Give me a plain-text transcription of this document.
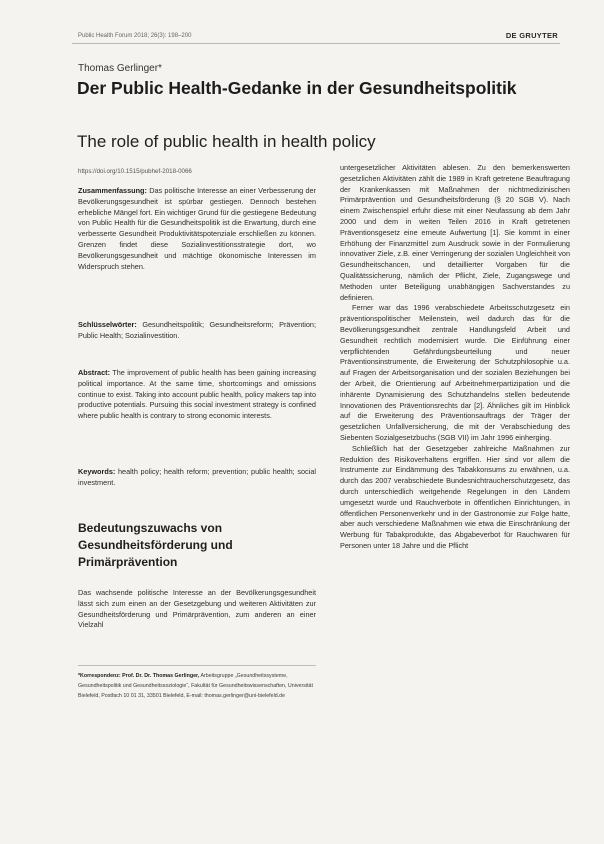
Public Health Forum 2018; 26(3): 198–200	DE GRUYTER
Thomas Gerlinger*
Der Public Health-Gedanke in der Gesundheitspolitik
The role of public health in health policy
https://doi.org/10.1515/pubhef-2018-0066
Zusammenfassung: Das politische Interesse an einer Verbesserung der Bevölkerungsgesundheit ist spürbar gestiegen. Dennoch bestehen erhebliche Mängel fort. Ein wichtiger Grund für die gestiegene Bedeutung von Public Health für die Gesundheitspolitik ist die Erwartung, durch eine verbesserte Gesundheit Produktivitätspotenziale erschließen zu können. Grenzen findet diese Sozialinvestitionsstrategie dort, wo Bevölkerungsgesundheit und mächtige ökonomische Interessen im Widerspruch stehen.
Schlüsselwörter: Gesundheitspolitik; Gesundheitsreform; Prävention; Public Health; Sozialinvestition.
Abstract: The improvement of public health has been gaining increasing political importance. At the same time, shortcomings and omissions continue to exist. Taking into account public health, policy makers tap into productive potentials. Pursuing this social investment strategy is confined where public health is contrary to strong economic interests.
Keywords: health policy; health reform; prevention; public health; social investment.
Bedeutungszuwachs von Gesundheitsförderung und Primärprävention
Das wachsende politische Interesse an der Bevölkerungsgesundheit lässt sich zum einen an der Gesetzgebung und weiteren Aktivitäten zur Gesundheitsförderung und Primärprävention, zum anderen an einer Vielzahl
*Korrespondenz: Prof. Dr. Dr. Thomas Gerlinger, Arbeitsgruppe „Gesundheitssysteme, Gesundheitspolitik und Gesundheitssoziologie“, Fakultät für Gesundheitswissenschaften, Universität Bielefeld, Postfach 10 01 31, 33501 Bielefeld, E-mail: thomas.gerlinger@uni-bielefeld.de

untergesetzlicher Aktivitäten ablesen. Zu den bemerkenswerten gesetzlichen Aktivitäten zählt die 1989 in Kraft getretene Beauftragung der Krankenkassen mit Maßnahmen der nichtmedizinischen Primärprävention und Gesundheitsförderung (§ 20 SGB V). Nach einem Zwischenspiel erfuhr diese mit einer Neufassung ab dem Jahr 2000 und dem in weiten Teilen 2016 in Kraft getretenen Präventionsgesetz eine erneute Aufwertung [1]. Sie kommt in einer Erhöhung der Finanzmittel zum Ausdruck sowie in der Formulierung innovativer Ziele, z.B. einer Verringerung der sozialen Ungleichheit von Gesundheitschancen, und detaillierter Vorgaben für die Qualitätssicherung, nämlich der Pflicht, Ziele, Zugangswege und Methoden unter Beteiligung unabhängigen Sachverstandes zu definieren.

Ferner war das 1996 verabschiedete Arbeitsschutzgesetz ein präventionspolitischer Meilenstein, weil dadurch das für die Bevölkerungsgesundheit zentrale Handlungsfeld Arbeit und Gesundheit rechtlich modernisiert wurde. Die Einführung einer verpflichtenden Gefährdungsbeurteilung und neuer Präventionsinstrumente, die Erweiterung der Schutzphilosophie u.a. auf Fragen der Arbeitsorganisation und der sozialen Beziehungen bei der Arbeit, die Orientierung auf Arbeitnehmerpartizipation und die inhärente Dynamisierung des Schutzhandelns stellen bedeutende Innovationen des Präventionsrechts dar [2]. Ähnliches gilt im Hinblick auf die Erweiterung des Präventionsauftrags der Träger der gesetzlichen Unfallversicherung, die mit der Verabschiedung des Siebenten Sozialgesetzbuchs (SGB VII) im Jahr 1996 einherging.

Schließlich hat der Gesetzgeber zahlreiche Maßnahmen zur Reduktion des Risikoverhaltens ergriffen. Hier sind vor allem die Instrumente zur Eindämmung des Tabakkonsums zu erwähnen, u.a. durch das 2007 verabschiedete Bundesnichtraucherschutzgesetz, das durch unterschiedlich weitgehende Regelungen in den Ländern umgesetzt wurde und Rauchverbote in öffentlichen Einrichtungen, in öffentlichen Personenverkehr und in der Gastronomie zur Folge hatte, aber auch verschiedene Maßnahmen wie etwa die Einschränkung der Werbung für Tabakprodukte, das Abgabeverbot für Rauchwaren für Personen unter 18 Jahre und die Pflicht
